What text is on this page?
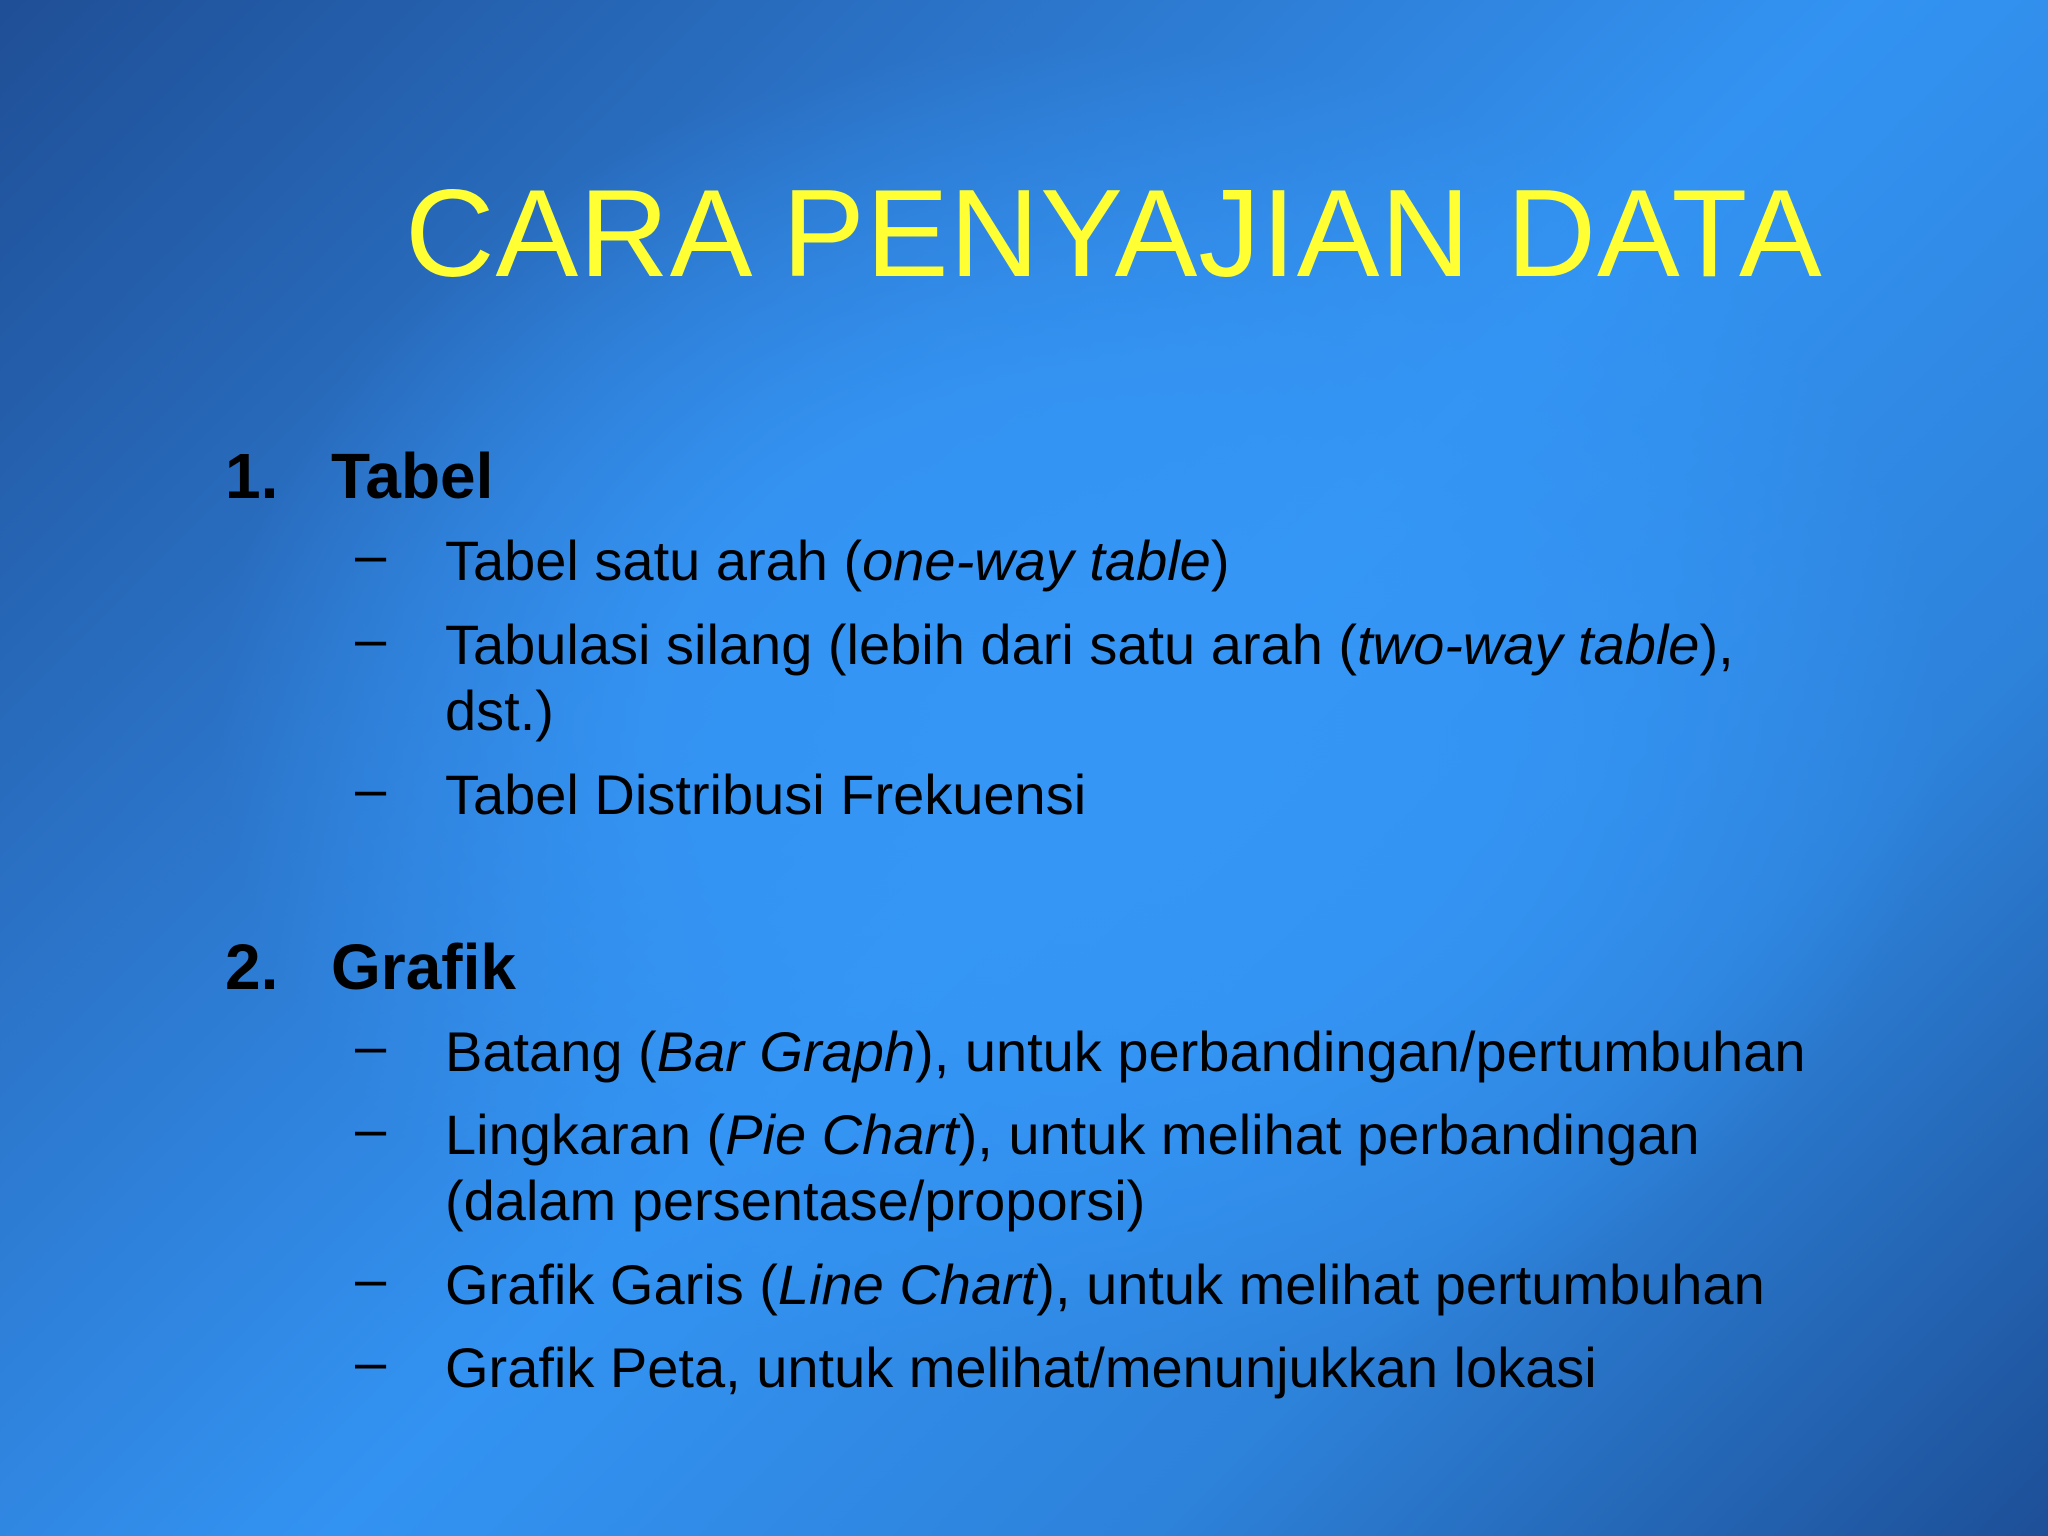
CARA PENYAJIAN DATA
1. Tabel
– Tabel satu arah (one-way table)
– Tabulasi silang (lebih dari satu arah (two-way table),
dst.)
– Tabel Distribusi Frekuensi
2. Grafik
– Batang (Bar Graph), untuk perbandingan/pertumbuhan
– Lingkaran (Pie Chart), untuk melihat perbandingan
(dalam persentase/proporsi)
– Grafik Garis (Line Chart), untuk melihat pertumbuhan
– Grafik Peta, untuk melihat/menunjukkan lokasi
